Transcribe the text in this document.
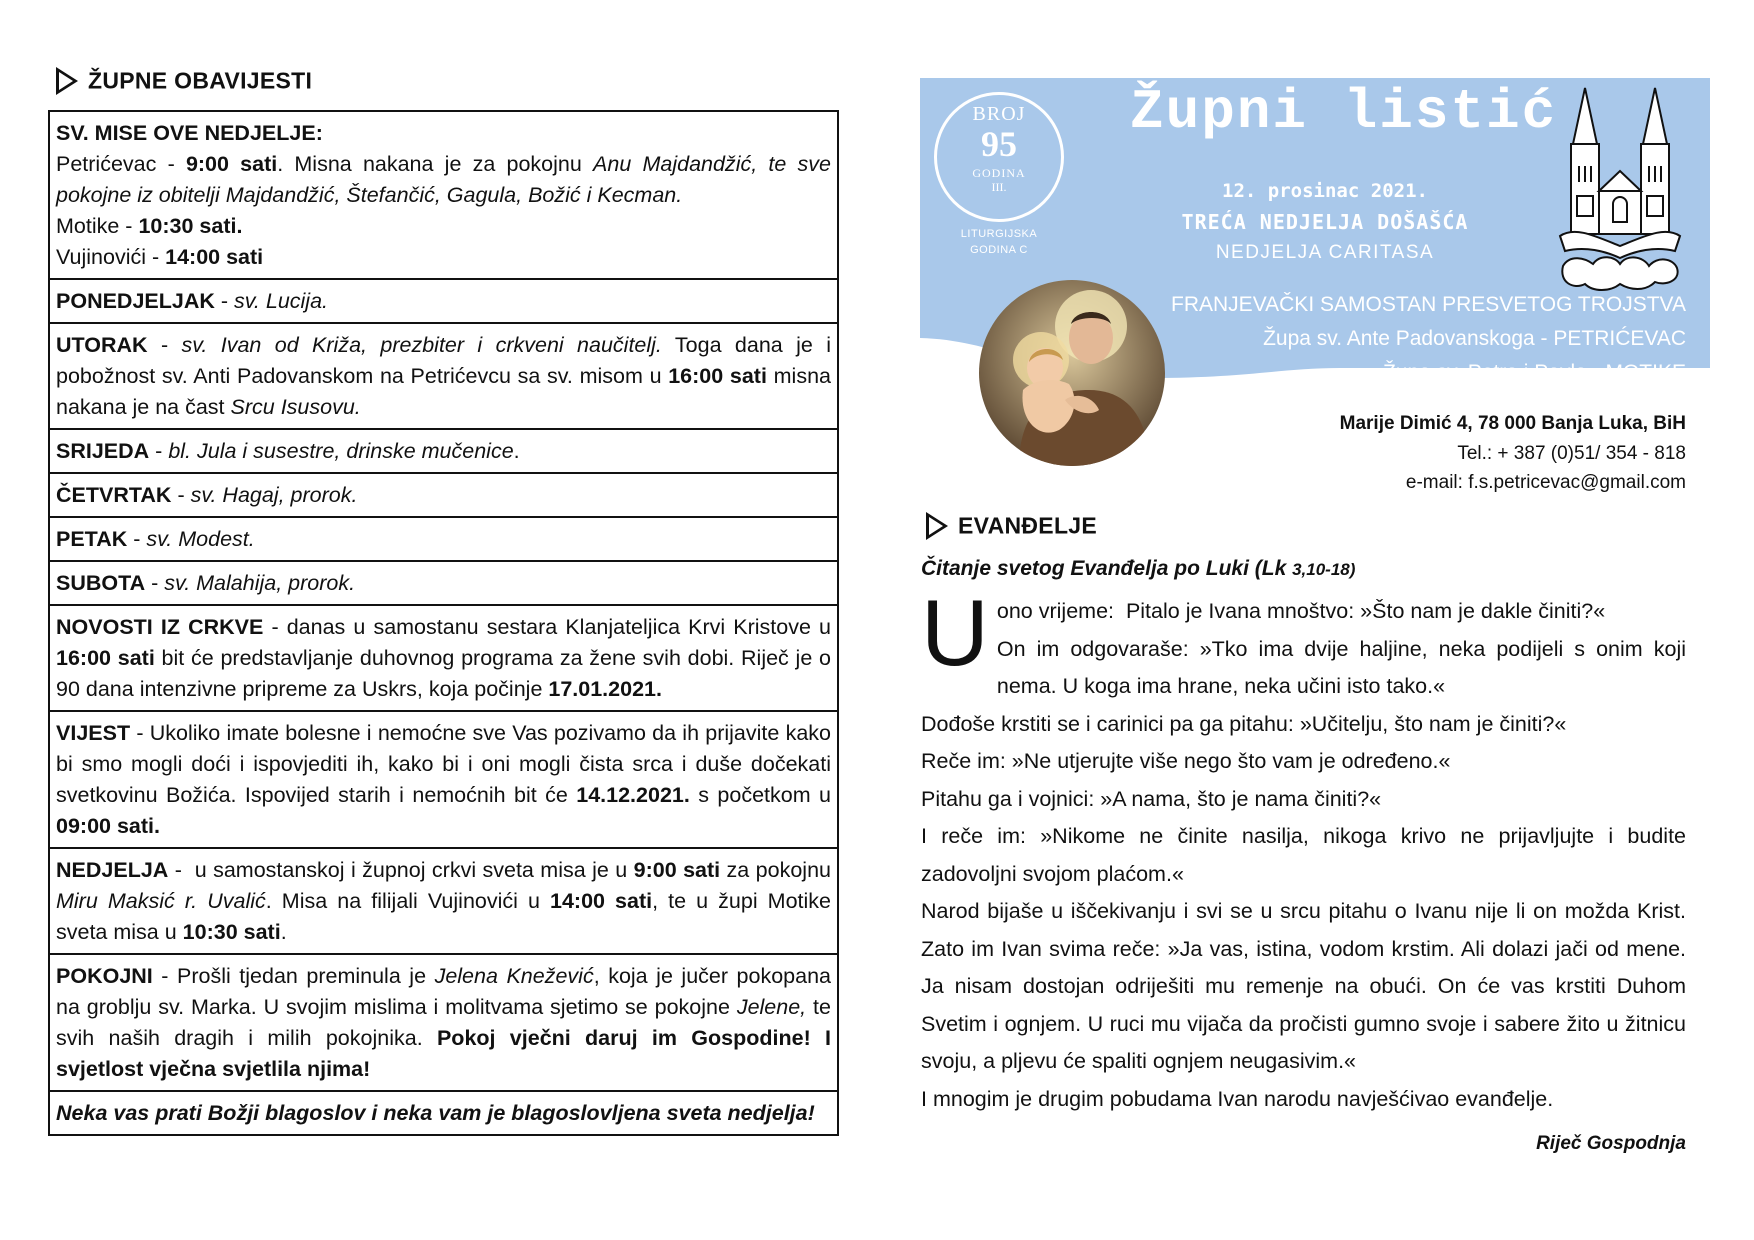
ŽUPNE OBAVIJESTI
SV. MISE OVE NEDJELJE:
Petrićevac - 9:00 sati. Misna nakana je za pokojnu Anu Majdandžić, te sve pokojne iz obitelji Majdandžić, Štefančić, Gagula, Božić i Kecman.
Motike - 10:30 sati.
Vujinovići - 14:00 sati
PONEDJELJAK - sv. Lucija.
UTORAK - sv. Ivan od Križa, prezbiter i crkveni naučitelj. Toga dana je i pobožnost sv. Anti Padovanskom na Petrićevcu sa sv. misom u 16:00 sati misna nakana je na čast Srcu Isusovu.
SRIJEDA - bl. Jula i susestre, drinske mučenice.
ČETVRTAK - sv. Hagaj, prorok.
PETAK - sv. Modest.
SUBOTA - sv. Malahija, prorok.
NOVOSTI IZ CRKVE - danas u samostanu sestara Klanjateljica Krvi Kristove u 16:00 sati bit će predstavljanje duhovnog programa za žene svih dobi. Riječ je o 90 dana intenzivne pripreme za Uskrs, koja počinje 17.01.2021.
VIJEST - Ukoliko imate bolesne i nemoćne sve Vas pozivamo da ih prijavite kako bi smo mogli doći i ispovjediti ih, kako bi i oni mogli čista srca i duše dočekati svetkovinu Božića. Ispovijed starih i nemoćnih bit će 14.12.2021. s početkom u 09:00 sati.
NEDJELJA -  u samostanskoj i župnoj crkvi sveta misa je u 9:00 sati za pokojnu Miru Maksić r. Uvalić. Misa na filijali Vujinovići u 14:00 sati, te u župi Motike sveta misa u 10:30 sati.
POKOJNI - Prošli tjedan preminula je Jelena Knežević, koja je jučer pokopana na groblju sv. Marka. U svojim mislima i molitvama sjetimo se pokojne Jelene, te svih naših dragih i milih pokojnika. Pokoj vječni daruj im Gospodine! I svjetlost vječna svjetlila njima!
Neka vas prati Božji blagoslov i neka vam je blagoslovljena sveta nedjelja!
BROJ
95
GODINA
III.
LITURGIJSKA
GODINA C
Župni listić
12. prosinac 2021.
TREĆA NEDJELJA DOŠAŠĆA
NEDJELJA CARITASA
FRANJEVAČKI SAMOSTAN PRESVETOG TROJSTVA
Župa sv. Ante Padovanskoga - PETRIĆEVAC
Župa sv. Petra i Pavla - MOTIKE
Marije Dimić 4, 78 000 Banja Luka, BiH
Tel.: + 387 (0)51/ 354 - 818
e-mail: f.s.petricevac@gmail.com
EVANĐELJE
Čitanje svetog Evanđelja po Luki (Lk 3,10-18)
U ono vrijeme:  Pitalo je Ivana mnoštvo: »Što nam je dakle činiti?«
On im odgovaraše: »Tko ima dvije haljine, neka podijeli s onim koji nema. U koga ima hrane, neka učini isto tako.«

Dođoše krstiti se i carinici pa ga pitahu: »Učitelju, što nam je činiti?«

Reče im: »Ne utjerujte više nego što vam je određeno.«

Pitahu ga i vojnici: »A nama, što je nama činiti?«

I reče im: »Nikome ne činite nasilja, nikoga krivo ne prijavljujte i budite zadovoljni svojom plaćom.«

Narod bijaše u iščekivanju i svi se u srcu pitahu o Ivanu nije li on možda Krist. Zato im Ivan svima reče: »Ja vas, istina, vodom krstim. Ali dolazi jači od mene. Ja nisam dostojan odriješiti mu remenje na obući. On će vas krstiti Duhom Svetim i ognjem. U ruci mu vijača da pročisti gumno svoje i sabere žito u žitnicu svoju, a pljevu će spaliti ognjem neugasivim.«

I mnogim je drugim pobudama Ivan narodu navješćivao evanđelje.

Riječ Gospodnja
